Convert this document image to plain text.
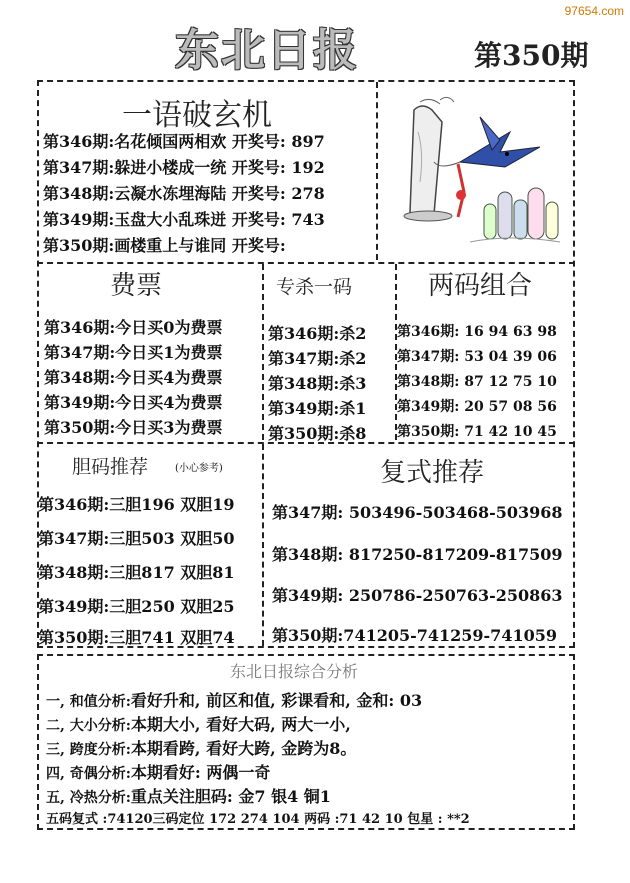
97654.com
东北日报	第350期
一语破玄机
第346期:名花倾国两相欢 开奖号: 897
第347期:躲进小楼成一统 开奖号: 192
第348期:云凝水冻埋海陆 开奖号: 278
第349期:玉盘大小乱珠迸 开奖号: 743
第350期:画楼重上与谁同 开奖号:
费票
第346期:今日买0为费票
第347期:今日买1为费票
第348期:今日买4为费票
第349期:今日买4为费票
第350期:今日买3为费票
专杀一码
第346期:杀2
第347期:杀2
第348期:杀3
第349期:杀1
第350期:杀8
两码组合
第346期: 16 94 63 98
第347期: 53 04 39 06
第348期: 87 12 75 10
第349期: 20 57 08 56
第350期: 71 42 10 45
胆码推荐	(小心参考)
第346期:三胆196 双胆19
第347期:三胆503 双胆50
第348期:三胆817 双胆81
第349期:三胆250 双胆25
第350期:三胆741 双胆74
复式推荐
第347期: 503496-503468-503968
第348期: 817250-817209-817509
第349期: 250786-250763-250863
第350期:741205-741259-741059
东北日报综合分析
一, 和值分析:看好升和, 前区和值, 彩课看和, 金和: 03
二, 大小分析:本期大小, 看好大码, 两大一小,
三, 跨度分析:本期看跨, 看好大跨, 金跨为8。
四, 奇偶分析:本期看好: 两偶一奇
五, 冷热分析:重点关注胆码: 金7 银4 铜1
五码复式 :74120三码定位 172 274 104 两码 :71 42 10 包星 : **2
